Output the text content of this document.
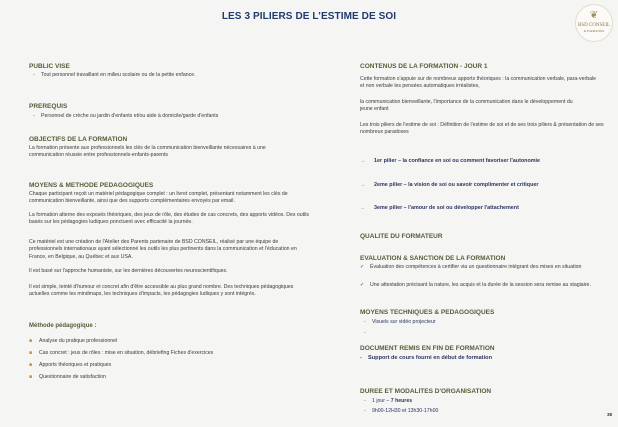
LES 3 PILIERS DE L’ESTIME DE SOI	❦
BSD CONSEIL
& FORMATION
PUBLIC VISE
- Tout personnel travaillant en milieu scolaire ou de la petite enfance.
PREREQUIS
- Personnel de crèche ou jardin d'enfants et/ou aide à domicile/garde d'enfants
OBJECTIFS DE LA FORMATION
La formation présente aux professionnels les clés de la communication bienveillante nécessaires à une communication réussie entre professionnels-enfants-parents
MOYENS & METHODE PEDAGOGIQUES
Chaque participant reçoit un matériel pédagogique complet : un livret complet, présentant notamment les clés de communication bienveillante, ainsi que des supports complémentaires envoyés par email.
La formation alterne des exposés théoriques, des jeux de rôle, des études de cas concrets, des apports vidéos. Des outils basés sur les pédagogies ludiques ponctuent avec efficacité la journée.
Ce matériel est une création de l'Atelier des Parents partenaire de BSD CONSEIL, réalisé par une équipe de professionnels internationaux ayant sélectionné les outils les plus pertinents dans la communication et l'éducation en France, en Belgique, au Québec et aux USA.
Il est basé sur l'approche humaniste, sur les dernières découvertes neuroscientifiques.
Il est simple, teinté d'humour et concret afin d'être accessible au plus grand nombre. Des techniques pédagogiques actuelles comme les mindmaps, les techniques d'impacts, les pédagogies ludiques y sont intégrés.
Méthode pédagogique :
■ Analyse du pratique professionnel
■ Cas concret : jeux de rôles : mise en situation, débriefing Fiches d'exercices
■ Apports théoriques et pratiques
■ Questionnaire de satisfaction
CONTENUS DE LA FORMATION - JOUR 1
Cette formation s'appuie sur de nombreux apports théoriques : la communication verbale, para-verbale et non verbale les pensées automatiques irréalistes,
la communication bienveillante, l'importance de la communication dans le développement du jeune enfant
Les trois piliers de l'estime de soi : Définition de l'estime de soi et de ses trois piliers & présentation de ses nombreux paradoxes
→ 1er pilier – la confiance en soi ou comment favoriser l'autonomie
→ 2eme pilier – la vision de soi ou savoir complimenter et critiquer
→ 3eme pilier – l'amour de soi ou développer l'attachement
QUALITE DU FORMATEUR
EVALUATION & SANCTION DE LA FORMATION
✓ Évaluation des compétences à certifier via un questionnaire intégrant des mises en situation
✓ Une attestation précisant la nature, les acquis et la durée de la session sera remise au stagiaire.
MOYENS TECHNIQUES & PEDAGOGIQUES
- Visuels sur vidéo projecteur
-
DOCUMENT REMIS EN FIN DE FORMATION
- Support de cours fourni en début de formation
DUREE ET MODALITES D'ORGANISATION
- 1 jour – 7 heures
- 9h00-12H30 et 13h30-17h00
38
